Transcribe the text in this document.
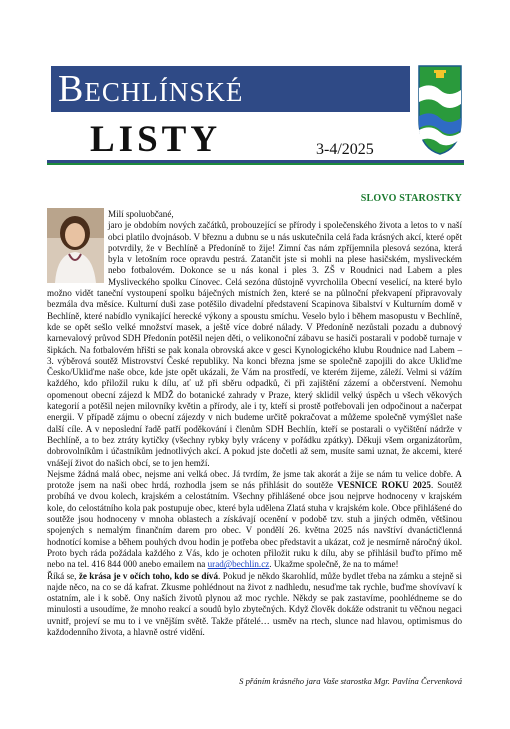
Bechlínské
LISTY	3-4/2025
SLOVO STAROSTKY

Milí spoluobčané,

jaro je obdobím nových začátků, probouzející se přírody i společenského života a letos to v naší obci platilo dvojnásob. V březnu a dubnu se u nás uskutečnila celá řada krásných akcí, které opět potvrdily, že v Bechlíně a Předonínĕ to žije! Zimní čas nám zpříjemnila plesová sezóna, která byla v letošním roce opravdu pestrá. Zatančit jste si mohli na plese hasičském, mysliveckém nebo fotbalovém. Dokonce se u nás konal i ples 3. ZŠ v Roudnici nad Labem a ples Mysliveckého spolku Cínovec. Celá sezóna důstojně vyvrcholila Obecní veselicí, na které bylo možno vidět taneční vystoupení spolku báječných místních žen, které se na půlnoční překvapení připravovaly bezmála dva měsíce. Kulturní duši zase potěšilo divadelní představení Scapinova šibalství v Kulturním domě v Bechlíně, které nabídlo vynikající herecké výkony a spoustu smíchu. Veselo bylo i během masopustu v Bechlíně, kde se opět sešlo velké množství masek, a ještě více dobré nálady. V Předoníně nezůstali pozadu a dubnový karnevalový průvod SDH Předonín potěšil nejen děti, o velikonoční zábavu se hasiči postarali v podobě turnaje v šipkách. Na fotbalovém hřišti se pak konala obrovská akce v gesci Kynologického klubu Roudnice nad Labem – 3. výběrová soutěž Mistrovství České republiky. Na konci března jsme se společně zapojili do akce Ukliďme Česko/Ukliďme naše obce, kde jste opět ukázali, že Vám na prostředí, ve kterém žijeme, záleží. Velmi si vážím každého, kdo přiložil ruku k dílu, ať už při sběru odpadků, či při zajištění zázemí a občerstvení. Nemohu opomenout obecní zájezd k MDŽ do botanické zahrady v Praze, který sklidil velký úspěch u všech věkových kategorií a potěšil nejen milovníky květin a přírody, ale i ty, kteří si prostě potřebovali jen odpočinout a načerpat energii. V případě zájmu o obecní zájezdy v nich budeme určitě pokračovat a můžeme společně vymýšlet naše další cíle. A v neposlední řadě patří poděkování i členům SDH Bechlín, kteří se postarali o vyčištění nádrže v Bechlíně, a to bez ztráty kytičky (všechny rybky byly vráceny v pořádku zpátky). Děkuji všem organizátorům, dobrovolníkům i účastníkům jednotlivých akcí. A pokud jste dočetli až sem, musíte sami uznat, že akcemi, které vnášejí život do našich obcí, se to jen hemží.

Nejsme žádná malá obec, nejsme ani velká obec. Já tvrdím, že jsme tak akorát a žije se nám tu velice dobře. A protože jsem na naši obec hrdá, rozhodla jsem se nás přihlásit do soutěže VESNICE ROKU 2025. Soutěž probíhá ve dvou kolech, krajském a celostátním. Všechny přihlášené obce jsou nejprve hodnoceny v krajském kole, do celostátního kola pak postupuje obec, které byla udělena Zlatá stuha v krajském kole. Obce přihlášené do soutěže jsou hodnoceny v mnoha oblastech a získávají ocenění v podobě tzv. stuh a jiných odměn, většinou spojených s nemalým finančním darem pro obec. V pondělí 26. května 2025 nás navštíví dvanáctičlenná hodnotící komise a během pouhých dvou hodin je potřeba obec představit a ukázat, což je nesmírně náročný úkol. Proto bych ráda požádala každého z Vás, kdo je ochoten přiložit ruku k dílu, aby se přihlásil buďto přímo mě nebo na tel. 416 844 000 anebo emailem na urad@bechlin.cz. Ukažme společně, že na to máme!

Říká se, že krása je v očích toho, kdo se dívá. Pokud je někdo škarohlíd, může bydlet třeba na zámku a stejně si najde něco, na co se dá kafrat. Zkusme pohlédnout na život z nadhledu, nesuďme tak rychle, buďme shovívaví k ostatním, ale i k sobě. Ony naších životů plynou až moc rychle. Někdy se pak zastavíme, poohlédneme se do minulosti a usoudíme, že mnoho reakcí a soudů bylo zbytečných. Když člověk dokáže odstranit tu věčnou negaci uvnitř, projeví se mu to i ve vnějším světě. Takže přátelé… usměv na rtech, slunce nad hlavou, optimismus do každodenního života, a hlavně ostré vidění.

S přáním krásného jara Vaše starostka Mgr. Pavlína Červenková
